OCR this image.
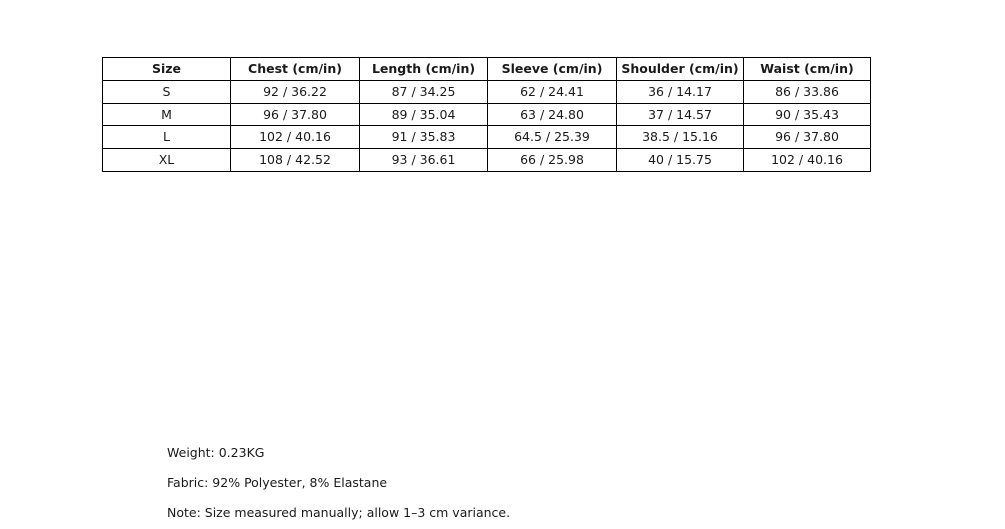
Size	Chest (cm/in)	Length (cm/in)	Sleeve (cm/in)	Shoulder (cm/in)	Waist (cm/in)
S	92 / 36.22	87 / 34.25	62 / 24.41	36 / 14.17	86 / 33.86
M	96 / 37.80	89 / 35.04	63 / 24.80	37 / 14.57	90 / 35.43
L	102 / 40.16	91 / 35.83	64.5 / 25.39	38.5 / 15.16	96 / 37.80
XL	108 / 42.52	93 / 36.61	66 / 25.98	40 / 15.75	102 / 40.16
Weight: 0.23KG
Fabric: 92% Polyester, 8% Elastane
Note: Size measured manually; allow 1–3 cm variance.
